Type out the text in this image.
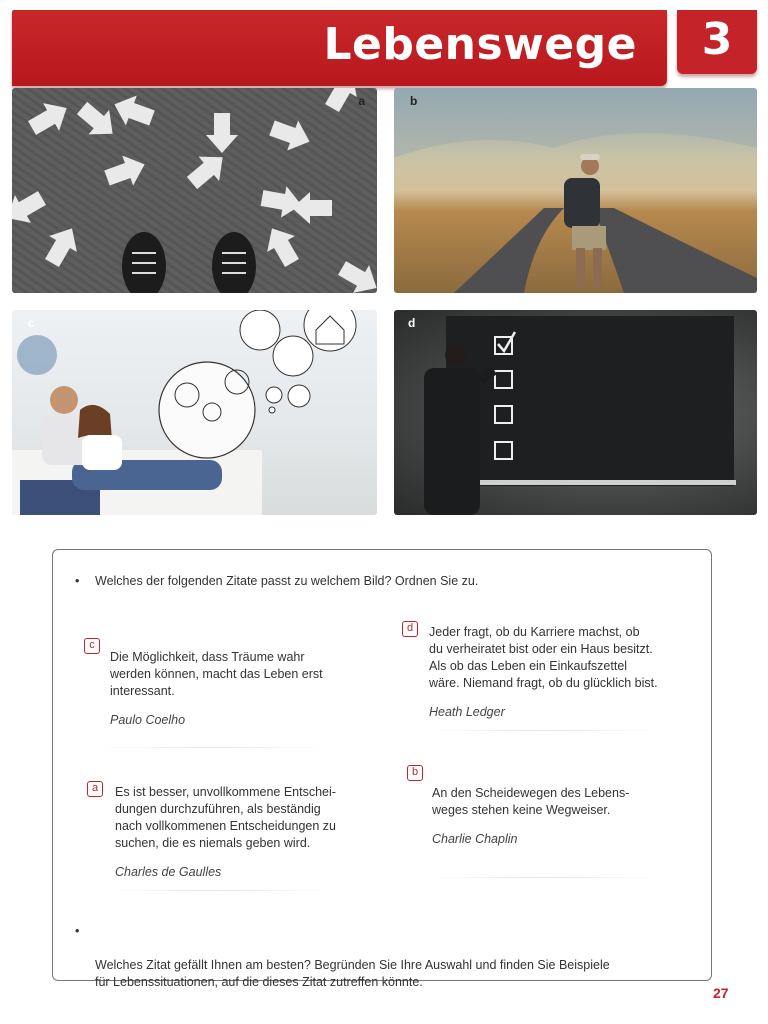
Lebenswege	3
a	b
c	d
• Welches der folgenden Zitate passt zu welchem Bild? Ordnen Sie zu.
c
Die Möglichkeit, dass Träume wahr
werden können, macht das Leben erst
interessant.
Paulo Coelho
d	Jeder fragt, ob du Karriere machst, ob
du verheiratet bist oder ein Haus besitzt.
Als ob das Leben ein Einkaufszettel
wäre. Niemand fragt, ob du glücklich bist.
Heath Ledger
a	Es ist besser, unvollkommene Entschei-
dungen durchzuführen, als beständig
nach vollkommenen Entscheidungen zu
suchen, die es niemals geben wird.
Charles de Gaulles
b
An den Scheidewegen des Lebens-
weges stehen keine Wegweiser.
Charlie Chaplin

•

Welches Zitat gefällt Ihnen am besten? Begründen Sie Ihre Auswahl und finden Sie Beispiele
für Lebenssituationen, auf die dieses Zitat zutreffen könnte.

27
